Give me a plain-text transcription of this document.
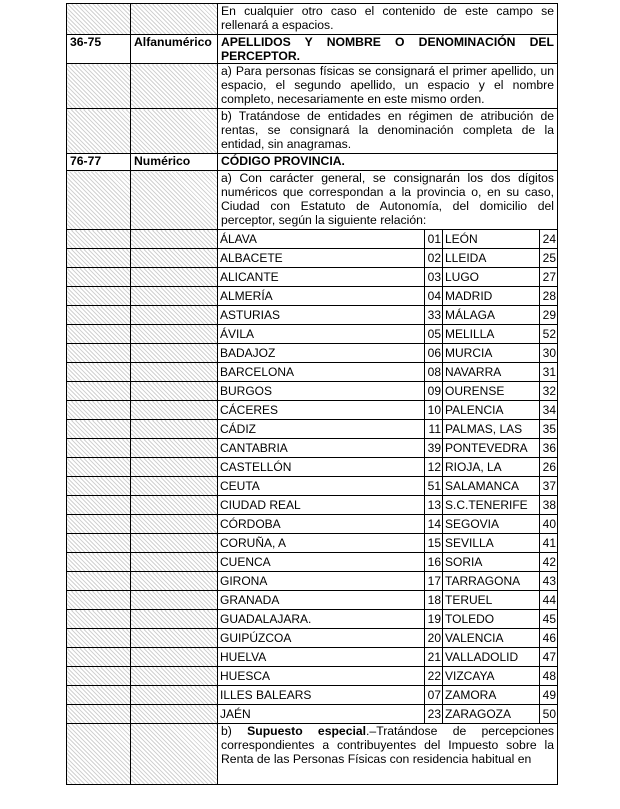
		En cualquier otro caso el contenido de este campo se rellenará a espacios.			
36-75	Alfanumérico	APELLIDOS Y NOMBRE O DENOMINACIÓN DEL PERCEPTOR.			
		a) Para personas físicas se consignará el primer apellido, un espacio, el segundo apellido, un espacio y el nombre completo, necesariamente en este mismo orden.			
		b) Tratándose de entidades en régimen de atribución de rentas, se consignará la denominación completa de la entidad, sin anagramas.			
76-77	Numérico	CÓDIGO PROVINCIA.			
		a) Con carácter general, se consignarán los dos dígitos numéricos que correspondan a la provincia o, en su caso, Ciudad con Estatuto de Autonomía, del domicilio del perceptor, según la siguiente relación:			
		ÁLAVA	01	LEÓN	24
		ALBACETE	02	LLEIDA	25
		ALICANTE	03	LUGO	27
		ALMERÍA	04	MADRID	28
		ASTURIAS	33	MÁLAGA	29
		ÁVILA	05	MELILLA	52
		BADAJOZ	06	MURCIA	30
		BARCELONA	08	NAVARRA	31
		BURGOS	09	OURENSE	32
		CÁCERES	10	PALENCIA	34
		CÁDIZ	11	PALMAS, LAS	35
		CANTABRIA	39	PONTEVEDRA	36
		CASTELLÓN	12	RIOJA, LA	26
		CEUTA	51	SALAMANCA	37
		CIUDAD REAL	13	S.C.TENERIFE	38
		CÓRDOBA	14	SEGOVIA	40
		CORUÑA, A	15	SEVILLA	41
		CUENCA	16	SORIA	42
		GIRONA	17	TARRAGONA	43
		GRANADA	18	TERUEL	44
		GUADALAJARA.	19	TOLEDO	45
		GUIPÚZCOA	20	VALENCIA	46
		HUELVA	21	VALLADOLID	47
		HUESCA	22	VIZCAYA	48
		ILLES BALEARS	07	ZAMORA	49
		JAÉN	23	ZARAGOZA	50
		b) Supuesto especial.–Tratándose de percepciones correspondientes a contribuyentes del Impuesto sobre la Renta de las Personas Físicas con residencia habitual en			
